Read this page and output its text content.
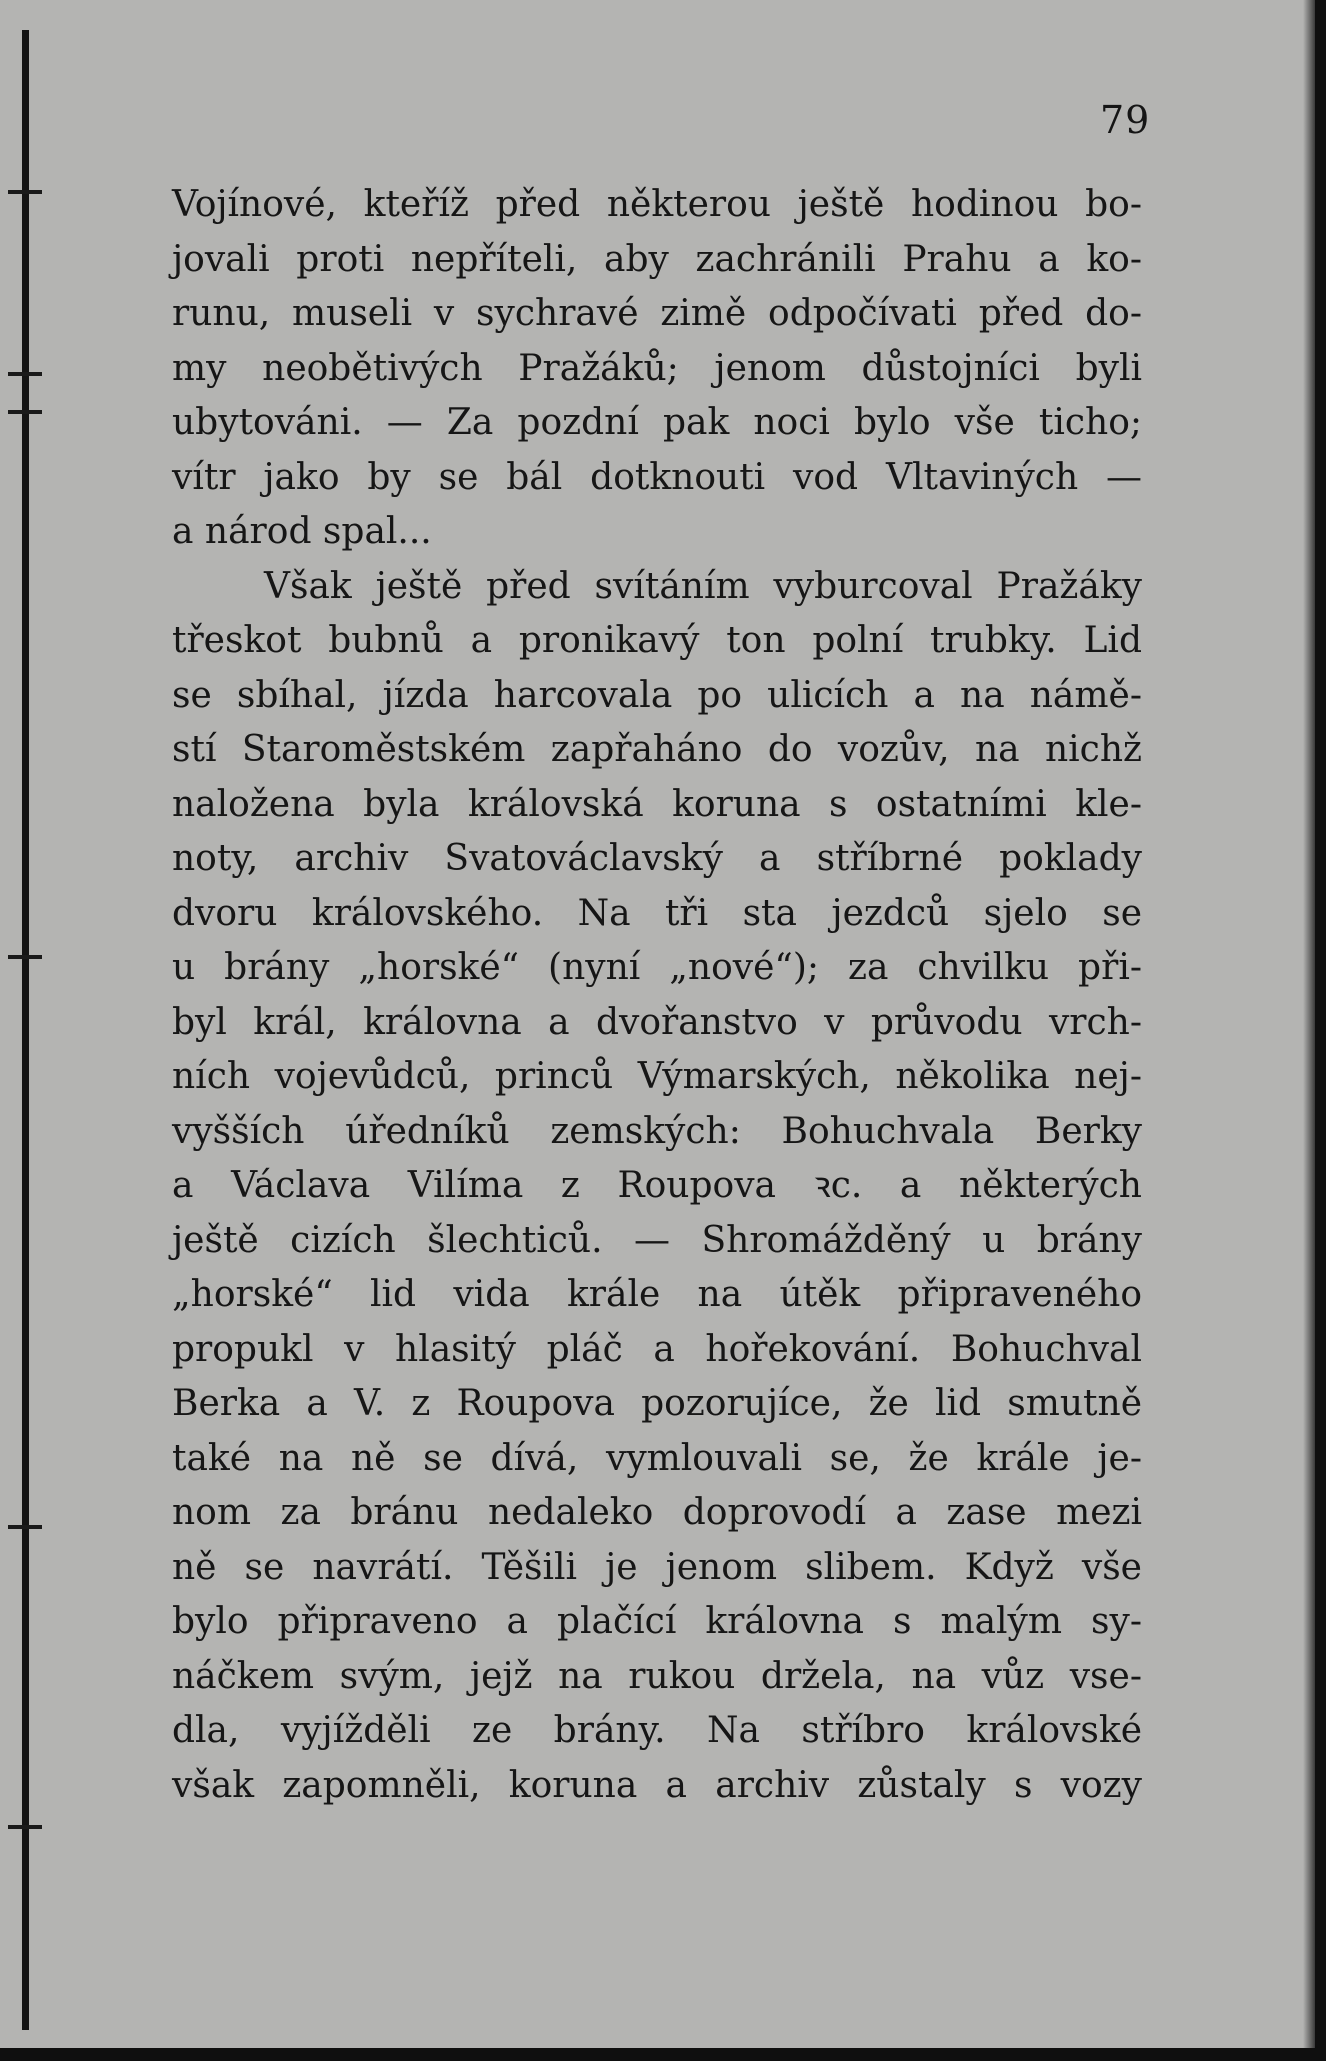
79
Vojínové, kteříž před některou ještě hodinou bo-
jovali proti nepříteli, aby zachránili Prahu a ko-
runu, museli v sychravé zimě odpočívati před do-
my neobětivých Pražáků; jenom důstojníci byli
ubytováni. — Za pozdní pak noci bylo vše ticho;
vítr jako by se bál dotknouti vod Vltaviných —
a národ spal...
Však ještě před svítáním vyburcoval Pražáky
třeskot bubnů a pronikavý ton polní trubky. Lid
se sbíhal, jízda harcovala po ulicích a na námě-
stí Staroměstském zapřaháno do vozův, na nichž
naložena byla královská koruna s ostatními kle-
noty, archiv Svatováclavský a stříbrné poklady
dvoru královského. Na tři sta jezdců sjelo se
u brány „horské“ (nyní „nové“); za chvilku při-
byl král, královna a dvořanstvo v průvodu vrch-
ních vojevůdců, princů Výmarských, několika nej-
vyšších úředníků zemských: Bohuchvala Berky
a Václava Vilíma z Roupova ꝛc. a některých
ještě cizích šlechticů. — Shromážděný u brány
„horské“ lid vida krále na útěk připraveného
propukl v hlasitý pláč a hořekování. Bohuchval
Berka a V. z Roupova pozorujíce, že lid smutně
také na ně se dívá, vymlouvali se, že krále je-
nom za bránu nedaleko doprovodí a zase mezi
ně se navrátí. Těšili je jenom slibem. Když vše
bylo připraveno a plačící královna s malým sy-
náčkem svým, jejž na rukou držela, na vůz vse-
dla, vyjížděli ze brány. Na stříbro královské
však zapomněli, koruna a archiv zůstaly s vozy
